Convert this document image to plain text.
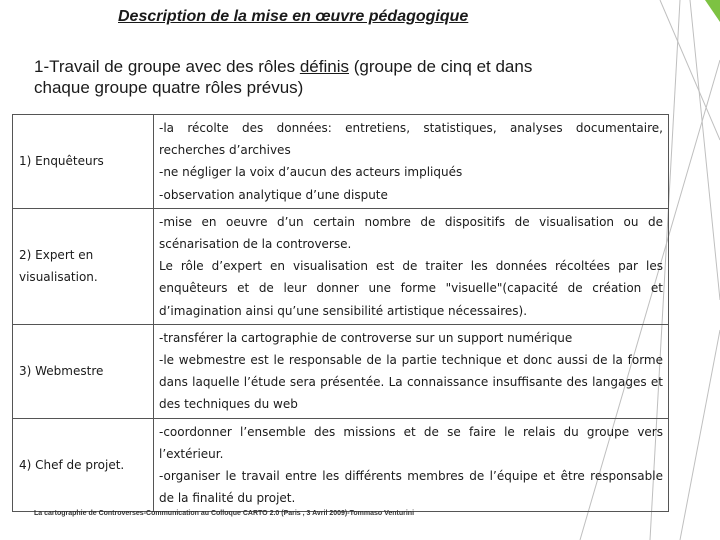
Description de la mise en œuvre pédagogique
1-Travail de groupe avec des rôles définis (groupe de cinq et dans chaque groupe quatre rôles prévus)
1) Enquêteurs	-la récolte des données: entretiens, statistiques, analyses documentaire, recherches d’archives
-ne négliger la voix d’aucun des acteurs impliqués
-observation analytique d’une dispute

2) Expert en visualisation.	-mise en oeuvre d’un certain nombre de dispositifs de visualisation ou de scénarisation de la controverse.
Le rôle d’expert en visualisation est de traiter les données récoltées par les enquêteurs et de leur donner une forme "visuelle"(capacité de création et d’imagination ainsi qu’une sensibilité artistique nécessaires).

3) Webmestre	-transférer la cartographie de controverse sur un support numérique
-le webmestre est le responsable de la partie technique et donc aussi de la forme dans laquelle l’étude sera présentée. La connaissance insuffisante des langages et des techniques du web

4) Chef de projet.	-coordonner l’ensemble des missions et de se faire le relais du groupe vers l’extérieur.
-organiser le travail entre les différents membres de l’équipe et être responsable de la finalité du projet.
La cartographie de Controverses-Communication au Colloque CARTO 2.0 (Paris , 3 Avril 2009)-Tommaso Venturini
